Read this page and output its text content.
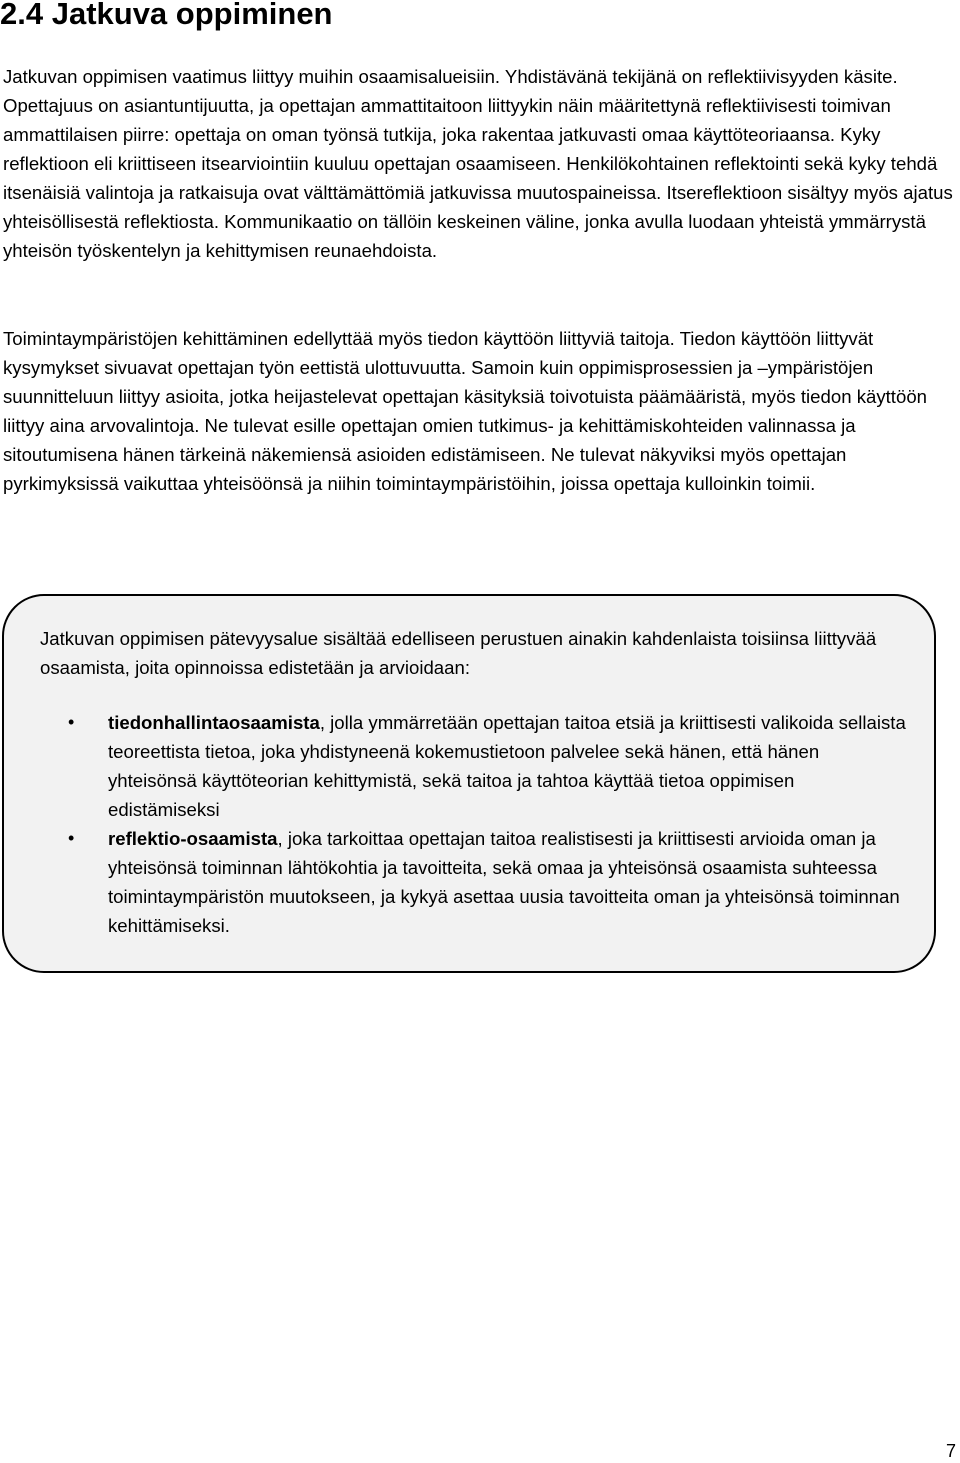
2.4 Jatkuva oppiminen

Jatkuvan oppimisen vaatimus liittyy muihin osaamisalueisiin. Yhdistävänä tekijänä on reflektiivisyyden käsite. Opettajuus on asiantuntijuutta, ja opettajan ammattitaitoon liittyykin näin määritettynä reflektiivisesti toimivan ammattilaisen piirre: opettaja on oman työnsä tutkija, joka rakentaa jatkuvasti omaa käyttöteoriaansa. Kyky reflektioon eli kriittiseen itsearviointiin kuuluu opettajan osaamiseen. Henkilökohtainen reflektointi sekä kyky tehdä itsenäisiä valintoja ja ratkaisuja ovat välttämättömiä jatkuvissa muutospaineissa. Itsereflektioon sisältyy myös ajatus yhteisöllisestä reflektiosta. Kommunikaatio on tällöin keskeinen väline, jonka avulla luodaan yhteistä ymmärrystä yhteisön työskentelyn ja kehittymisen reunaehdoista.

Toimintaympäristöjen kehittäminen edellyttää myös tiedon käyttöön liittyviä taitoja. Tiedon käyttöön liittyvät kysymykset sivuavat opettajan työn eettistä ulottuvuutta. Samoin kuin oppimisprosessien ja –ympäristöjen suunnitteluun liittyy asioita, jotka heijastelevat opettajan käsityksiä toivotuista päämääristä, myös tiedon käyttöön liittyy aina arvovalintoja. Ne tulevat esille opettajan omien tutkimus- ja kehittämiskohteiden valinnassa ja sitoutumisena hänen tärkeinä näkemiensä asioiden edistämiseen. Ne tulevat näkyviksi myös opettajan pyrkimyksissä vaikuttaa yhteisöönsä ja niihin toimintaympäristöihin, joissa opettaja kulloinkin toimii.

Jatkuvan oppimisen pätevyysalue sisältää edelliseen perustuen ainakin kahdenlaista toisiinsa liittyvää osaamista, joita opinnoissa edistetään ja arvioidaan:

• tiedonhallintaosaamista, jolla ymmärretään opettajan taitoa etsiä ja kriittisesti valikoida sellaista teoreettista tietoa, joka yhdistyneenä kokemustietoon palvelee sekä hänen, että hänen yhteisönsä käyttöteorian kehittymistä, sekä taitoa ja tahtoa käyttää tietoa oppimisen edistämiseksi
• reflektio-osaamista, joka tarkoittaa opettajan taitoa realistisesti ja kriittisesti arvioida oman ja yhteisönsä toiminnan lähtökohtia ja tavoitteita, sekä omaa ja yhteisönsä osaamista suhteessa toimintaympäristön muutokseen, ja kykyä asettaa uusia tavoitteita oman ja yhteisönsä toiminnan kehittämiseksi.
7
